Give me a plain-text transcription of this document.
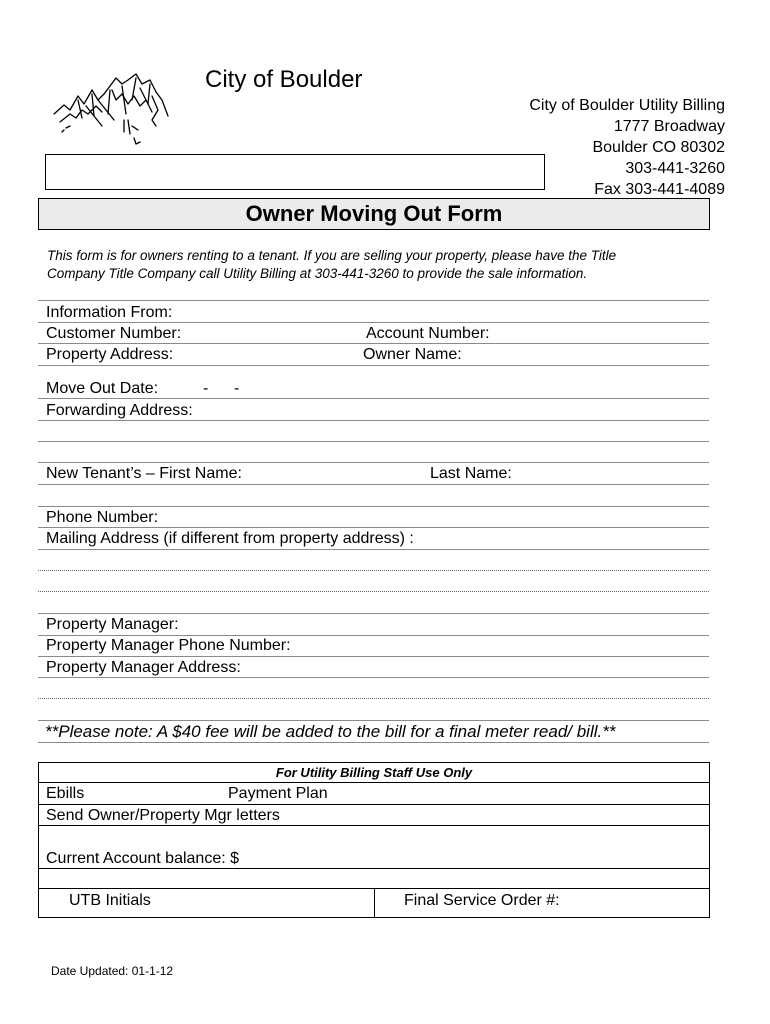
City of Boulder
City of Boulder Utility Billing
1777 Broadway
Boulder CO 80302
303-441-3260
Fax 303-441-4089
Owner Moving Out Form
This form is for owners renting to a tenant. If you are selling your property, please have the Title
Company Title Company call Utility Billing at 303-441-3260 to provide the sale information.
Information From:
Customer Number:	Account Number:
Property Address:	Owner Name:
Move Out Date:	- -
Forwarding Address:
New Tenant’s – First Name:	Last Name:
Phone Number:
Mailing Address (if different from property address) :
Property Manager:
Property Manager Phone Number:
Property Manager Address:
**Please note: A $40 fee will be added to the bill for a final meter read/ bill.**
For Utility Billing Staff Use Only
Ebills	Payment Plan
Send Owner/Property Mgr letters
Current Account balance: $
UTB Initials	Final Service Order #:
Date Updated: 01-1-12
